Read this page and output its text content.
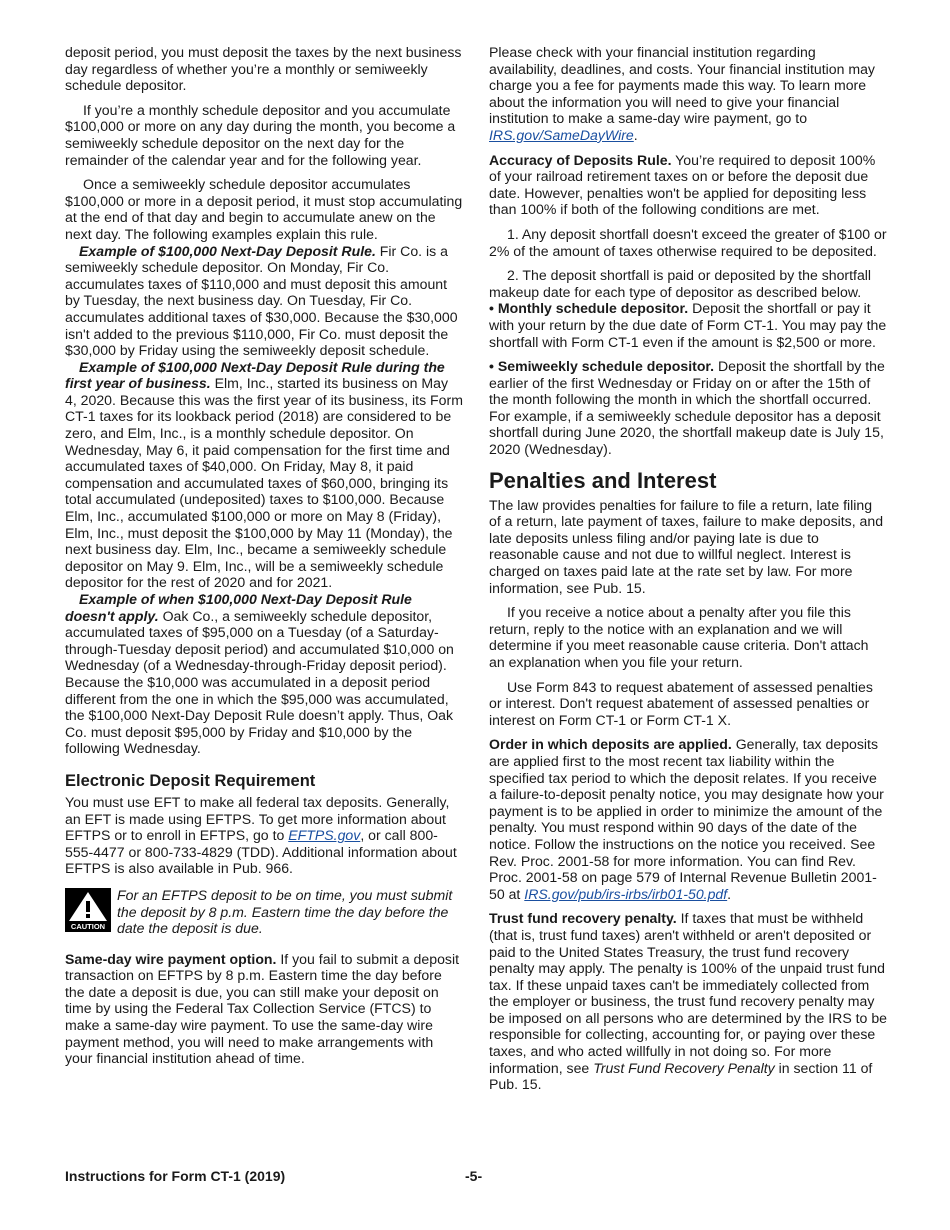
deposit period, you must deposit the taxes by the next business day regardless of whether you’re a monthly or semiweekly schedule depositor.

If you’re a monthly schedule depositor and you accumulate $100,000 or more on any day during the month, you become a semiweekly schedule depositor on the next day for the remainder of the calendar year and for the following year.

Once a semiweekly schedule depositor accumulates $100,000 or more in a deposit period, it must stop accumulating at the end of that day and begin to accumulate anew on the next day. The following examples explain this rule.

Example of $100,000 Next-Day Deposit Rule. Fir Co. is a semiweekly schedule depositor. On Monday, Fir Co. accumulates taxes of $110,000 and must deposit this amount by Tuesday, the next business day. On Tuesday, Fir Co. accumulates additional taxes of $30,000. Because the $30,000 isn't added to the previous $110,000, Fir Co. must deposit the $30,000 by Friday using the semiweekly deposit schedule.

Example of $100,000 Next-Day Deposit Rule during the first year of business. Elm, Inc., started its business on May 4, 2020. Because this was the first year of its business, its Form CT-1 taxes for its lookback period (2018) are considered to be zero, and Elm, Inc., is a monthly schedule depositor. On Wednesday, May 6, it paid compensation for the first time and accumulated taxes of $40,000. On Friday, May 8, it paid compensation and accumulated taxes of $60,000, bringing its total accumulated (undeposited) taxes to $100,000. Because Elm, Inc., accumulated $100,000 or more on May 8 (Friday), Elm, Inc., must deposit the $100,000 by May 11 (Monday), the next business day. Elm, Inc., became a semiweekly schedule depositor on May 9. Elm, Inc., will be a semiweekly schedule depositor for the rest of 2020 and for 2021.

Example of when $100,000 Next-Day Deposit Rule doesn't apply. Oak Co., a semiweekly schedule depositor, accumulated taxes of $95,000 on a Tuesday (of a Saturday-through-Tuesday deposit period) and accumulated $10,000 on Wednesday (of a Wednesday-through-Friday deposit period). Because the $10,000 was accumulated in a deposit period different from the one in which the $95,000 was accumulated, the $100,000 Next-Day Deposit Rule doesn’t apply. Thus, Oak Co. must deposit $95,000 by Friday and $10,000 by the following Wednesday.

Electronic Deposit Requirement

You must use EFT to make all federal tax deposits. Generally, an EFT is made using EFTPS. To get more information about EFTPS or to enroll in EFTPS, go to EFTPS.gov, or call 800-555-4477 or 800-733-4829 (TDD). Additional information about EFTPS is also available in Pub. 966.

CAUTION
For an EFTPS deposit to be on time, you must submit the deposit by 8 p.m. Eastern time the day before the date the deposit is due.

Same-day wire payment option. If you fail to submit a deposit transaction on EFTPS by 8 p.m. Eastern time the day before the date a deposit is due, you can still make your deposit on time by using the Federal Tax Collection Service (FTCS) to make a same-day wire payment. To use the same-day wire payment method, you will need to make arrangements with your financial institution ahead of time.

Please check with your financial institution regarding availability, deadlines, and costs. Your financial institution may charge you a fee for payments made this way. To learn more about the information you will need to give your financial institution to make a same-day wire payment, go to IRS.gov/SameDayWire.

Accuracy of Deposits Rule. You’re required to deposit 100% of your railroad retirement taxes on or before the deposit due date. However, penalties won't be applied for depositing less than 100% if both of the following conditions are met.

1. Any deposit shortfall doesn't exceed the greater of $100 or 2% of the amount of taxes otherwise required to be deposited.

2. The deposit shortfall is paid or deposited by the shortfall makeup date for each type of depositor as described below.

• Monthly schedule depositor. Deposit the shortfall or pay it with your return by the due date of Form CT-1. You may pay the shortfall with Form CT-1 even if the amount is $2,500 or more.

• Semiweekly schedule depositor. Deposit the shortfall by the earlier of the first Wednesday or Friday on or after the 15th of the month following the month in which the shortfall occurred. For example, if a semiweekly schedule depositor has a deposit shortfall during June 2020, the shortfall makeup date is July 15, 2020 (Wednesday).

Penalties and Interest

The law provides penalties for failure to file a return, late filing of a return, late payment of taxes, failure to make deposits, and late deposits unless filing and/or paying late is due to reasonable cause and not due to willful neglect. Interest is charged on taxes paid late at the rate set by law. For more information, see Pub. 15.

If you receive a notice about a penalty after you file this return, reply to the notice with an explanation and we will determine if you meet reasonable cause criteria. Don't attach an explanation when you file your return.

Use Form 843 to request abatement of assessed penalties or interest. Don't request abatement of assessed penalties or interest on Form CT-1 or Form CT-1 X.

Order in which deposits are applied. Generally, tax deposits are applied first to the most recent tax liability within the specified tax period to which the deposit relates. If you receive a failure-to-deposit penalty notice, you may designate how your payment is to be applied in order to minimize the amount of the penalty. You must respond within 90 days of the date of the notice. Follow the instructions on the notice you received. See Rev. Proc. 2001-58 for more information. You can find Rev. Proc. 2001-58 on page 579 of Internal Revenue Bulletin 2001-50 at IRS.gov/pub/irs-irbs/irb01-50.pdf.

Trust fund recovery penalty. If taxes that must be withheld (that is, trust fund taxes) aren't withheld or aren't deposited or paid to the United States Treasury, the trust fund recovery penalty may apply. The penalty is 100% of the unpaid trust fund tax. If these unpaid taxes can't be immediately collected from the employer or business, the trust fund recovery penalty may be imposed on all persons who are determined by the IRS to be responsible for collecting, accounting for, or paying over these taxes, and who acted willfully in not doing so. For more information, see Trust Fund Recovery Penalty in section 11 of Pub. 15.

Instructions for Form CT-1 (2019)	-5-
